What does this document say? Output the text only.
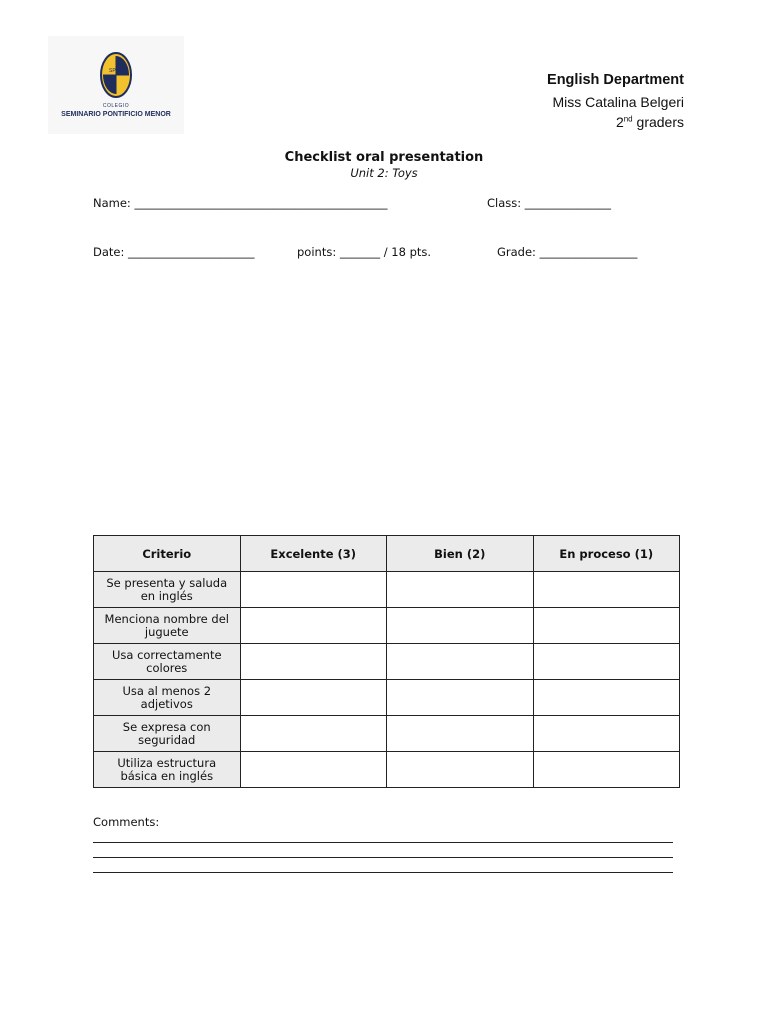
SPM
COLEGIO
SEMINARIO PONTIFICIO MENOR
English Department
Miss Catalina Belgeri
2nd graders
Checklist oral presentation
Unit 2: Toys
Name: ____________________________________________	Class: _______________
Date: ______________________	points: _______ / 18 pts.	Grade: _________________
Criterio	Excelente (3)	Bien (2)	En proceso (1)
Se presenta y saluda en inglés			
Menciona nombre del juguete			
Usa correctamente colores			
Usa al menos 2 adjetivos			
Se expresa con seguridad			
Utiliza estructura básica en inglés			
Comments:
